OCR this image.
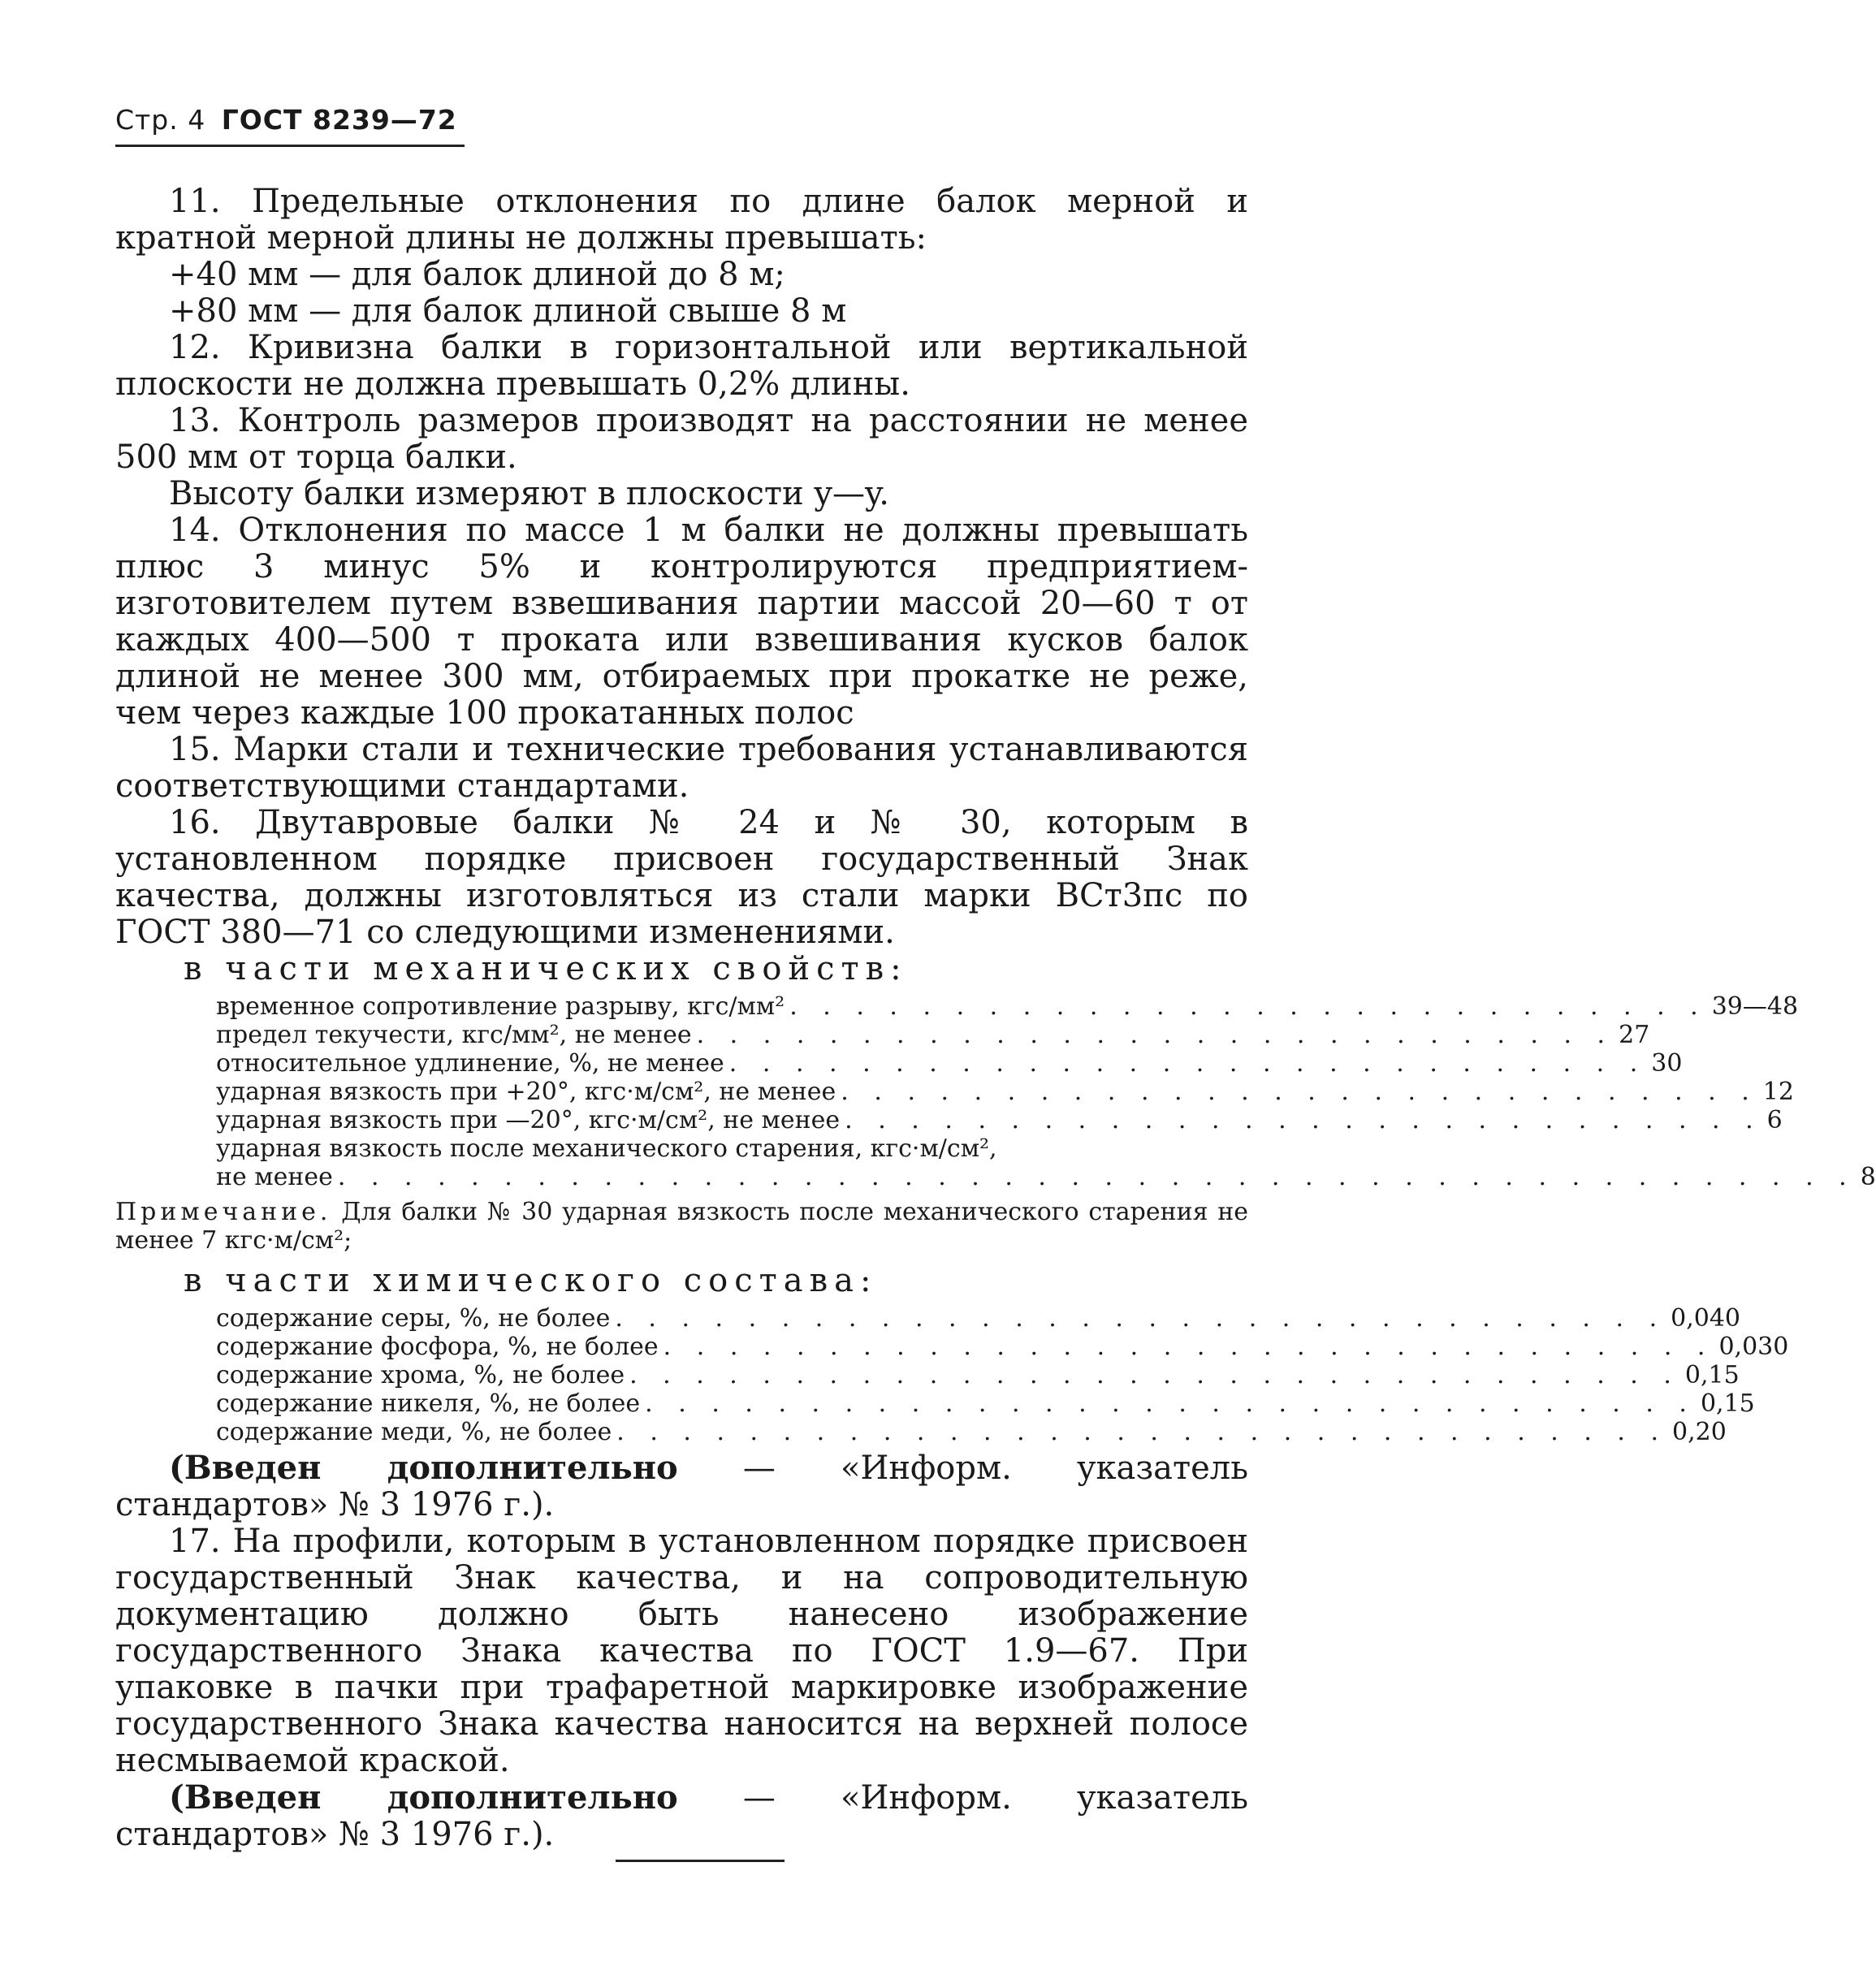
Стр. 4 ГОСТ 8239—72

11. Предельные отклонения по длине балок мерной и кратной мерной длины не должны превышать:

+40 мм — для балок длиной до 8 м;

+80 мм — для балок длиной свыше 8 м

12. Кривизна балки в горизонтальной или вертикальной плоскости не должна превышать 0,2% длины.

13. Контроль размеров производят на расстоянии не менее 500 мм от торца балки.

Высоту балки измеряют в плоскости y—y.

14. Отклонения по массе 1 м балки не должны превышать плюс 3 минус 5% и контролируются предприятием-изготовителем путем взвешивания партии массой 20—60 т от каждых 400—500 т проката или взвешивания кусков балок длиной не менее 300 мм, отбираемых при прокатке не реже, чем через каждые 100 прокатанных полос

15. Марки стали и технические требования устанавливаются соответствующими стандартами.

16. Двутавровые балки № 24 и № 30, которым в установленном порядке присвоен государственный Знак качества, должны изготовляться из стали марки ВСт3пс по ГОСТ 380—71 со следующими изменениями.

в части механических свойств:

временное сопротивление разрыву, кгс/мм² . . . . . . . . . . . . . . . . . . . . . . . . . . . . 39—48
предел текучести, кгс/мм², не менее . . . . . . . . . . . . . . . . . . . . . . . . . . . . 27
относительное удлинение, %, не менее . . . . . . . . . . . . . . . . . . . . . . . . . . . . 30
ударная вязкость при +20°, кгс·м/см², не менее . . . . . . . . . . . . . . . . . . . . . . . . . . . . 12
ударная вязкость при —20°, кгс·м/см², не менее . . . . . . . . . . . . . . . . . . . . . . . . . . . . 6
ударная вязкость после механического старения, кгс·м/см²,
не менее . . . . . . . . . . . . . . . . . . . . . . . . . . . . . . . . . . . . . . . . . . . . . . 8
Примечание. Для балки № 30 ударная вязкость после механического старения не менее 7 кгс·м/см²;

в части химического состава:

содержание серы, %, не более . . . . . . . . . . . . . . . . . . . . . . . . . . . . . . . . 0,040
содержание фосфора, %, не более . . . . . . . . . . . . . . . . . . . . . . . . . . . . . . . . 0,030
содержание хрома, %, не более . . . . . . . . . . . . . . . . . . . . . . . . . . . . . . . . 0,15
содержание никеля, %, не более . . . . . . . . . . . . . . . . . . . . . . . . . . . . . . . . 0,15
содержание меди, %, не более . . . . . . . . . . . . . . . . . . . . . . . . . . . . . . . . 0,20

(Введен дополнительно — «Информ. указатель стандартов» № 3 1976 г.).

17. На профили, которым в установленном порядке присвоен государственный Знак качества, и на сопроводительную документацию должно быть нанесено изображение государственного Знака качества по ГОСТ 1.9—67. При упаковке в пачки при трафаретной маркировке изображение государственного Знака качества наносится на верхней полосе несмываемой краской.

(Введен дополнительно — «Информ. указатель стандартов» № 3 1976 г.).
